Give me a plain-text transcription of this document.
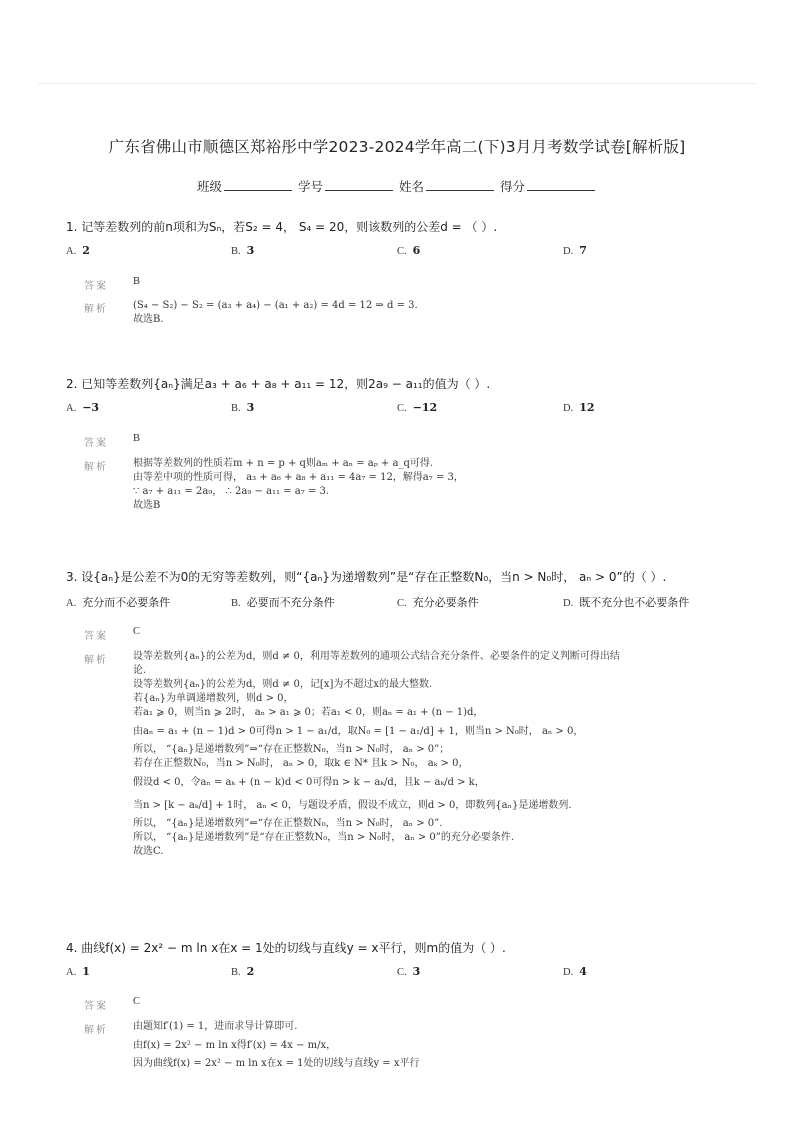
广东省佛山市顺德区郑裕彤中学2023-2024学年高二(下)3月月考数学试卷[解析版]
班级	学号	姓名	得分
1. 记等差数列的前n项和为Sₙ，若S₂ = 4， S₄ = 20，则该数列的公差d = （ ）.
A. 2	B. 3	C. 6	D. 7
答案 B
解析	(S₄ − S₂) − S₂ = (a₃ + a₄) − (a₁ + a₂) = 4d = 12 ⇒ d = 3.
故选B.
2. 已知等差数列{aₙ}满足a₃ + a₆ + a₈ + a₁₁ = 12，则2a₉ − a₁₁的值为（ ）.
A. −3	B. 3	C. −12	D. 12
答案 B
解析	根据等差数列的性质若m + n = p + q则aₘ + aₙ = aₚ + a_q可得.
由等差中项的性质可得， a₃ + a₆ + a₈ + a₁₁ = 4a₇ = 12，解得a₇ = 3，
∵ a₇ + a₁₁ = 2a₉， ∴ 2a₉ − a₁₁ = a₇ = 3.
故选B
3. 设{aₙ}是公差不为0的无穷等差数列，则“{aₙ}为递增数列”是“存在正整数N₀，当n > N₀时， aₙ > 0”的（ ）.
A. 充分而不必要条件	B. 必要而不充分条件	C. 充分必要条件	D. 既不充分也不必要条件
答案 C
解析	设等差数列{aₙ}的公差为d，则d ≠ 0，利用等差数列的通项公式结合充分条件、必要条件的定义判断可得出结
论.
设等差数列{aₙ}的公差为d，则d ≠ 0，记[x]为不超过x的最大整数.
若{aₙ}为单调递增数列，则d > 0，
若a₁ ⩾ 0，则当n ⩾ 2时， aₙ > a₁ ⩾ 0；若a₁ < 0，则aₙ = a₁ + (n − 1)d，
由aₙ = a₁ + (n − 1)d > 0可得n > 1 − a₁/d，取N₀ = [1 − a₁/d] + 1，则当n > N₀时， aₙ > 0，
所以， “{aₙ}是递增数列”⇒“存在正整数N₀，当n > N₀时， aₙ > 0”；
若存在正整数N₀，当n > N₀时， aₙ > 0，取k ∈ N* 且k > N₀， aₖ > 0，
假设d < 0，令aₙ = aₖ + (n − k)d < 0可得n > k − aₖ/d，且k − aₖ/d > k，
当n > [k − aₖ/d] + 1时， aₙ < 0，与题设矛盾，假设不成立，则d > 0，即数列{aₙ}是递增数列.
所以， “{aₙ}是递增数列”⇐“存在正整数N₀，当n > N₀时， aₙ > 0”.
所以， “{aₙ}是递增数列”是“存在正整数N₀，当n > N₀时， aₙ > 0”的充分必要条件.
故选C.
4. 曲线f(x) = 2x² − m ln x在x = 1处的切线与直线y = x平行，则m的值为（ ）.
A. 1	B. 2	C. 3	D. 4
答案 C
解析	由题知f′(1) = 1，进而求导计算即可.
由f(x) = 2x² − m ln x得f′(x) = 4x − m/x，
因为曲线f(x) = 2x² − m ln x在x = 1处的切线与直线y = x平行
